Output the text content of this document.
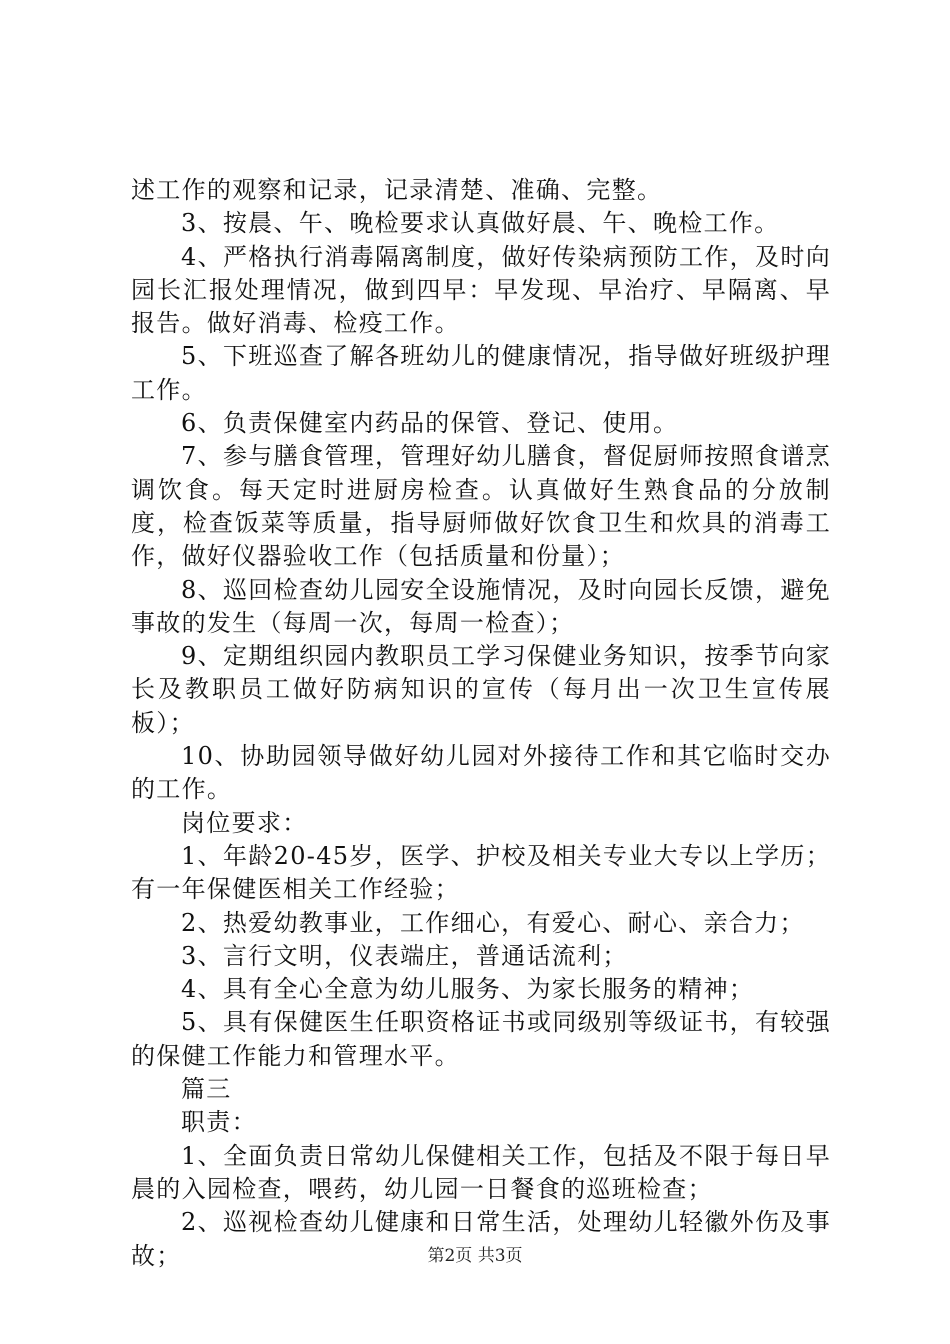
述工作的观察和记录，记录清楚、准确、完整。

3、按晨、午、晚检要求认真做好晨、午、晚检工作。

4、严格执行消毒隔离制度，做好传染病预防工作，及时向园长汇报处理情况，做到四早：早发现、早治疗、早隔离、早报告。做好消毒、检疫工作。

5、下班巡查了解各班幼儿的健康情况，指导做好班级护理工作。

6、负责保健室内药品的保管、登记、使用。

7、参与膳食管理，管理好幼儿膳食，督促厨师按照食谱烹调饮食。每天定时进厨房检查。认真做好生熟食品的分放制度，检查饭菜等质量，指导厨师做好饮食卫生和炊具的消毒工作，做好仪器验收工作（包括质量和份量）；

8、巡回检查幼儿园安全设施情况，及时向园长反馈，避免事故的发生（每周一次，每周一检查）；

9、定期组织园内教职员工学习保健业务知识，按季节向家长及教职员工做好防病知识的宣传（每月出一次卫生宣传展板）；

10、协助园领导做好幼儿园对外接待工作和其它临时交办的工作。

岗位要求：

1、年龄20-45岁，医学、护校及相关专业大专以上学历；有一年保健医相关工作经验；

2、热爱幼教事业，工作细心，有爱心、耐心、亲合力；

3、言行文明，仪表端庄，普通话流利；

4、具有全心全意为幼儿服务、为家长服务的精神；

5、具有保健医生任职资格证书或同级别等级证书，有较强的保健工作能力和管理水平。

篇三

职责：

1、全面负责日常幼儿保健相关工作，包括及不限于每日早晨的入园检查，喂药，幼儿园一日餐食的巡班检查；

2、巡视检查幼儿健康和日常生活，处理幼儿轻徽外伤及事故；	第2页 共3页
